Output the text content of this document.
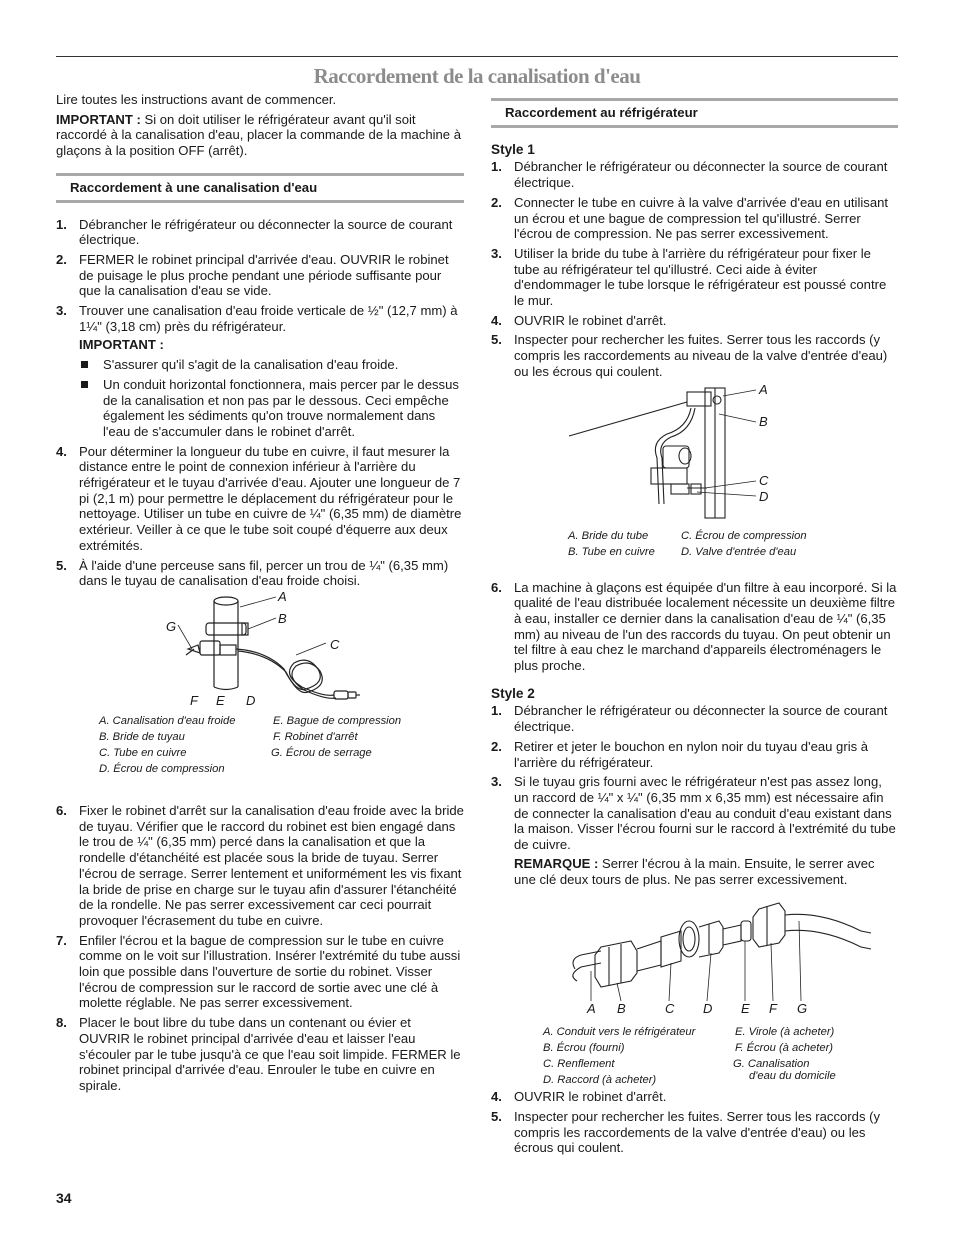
Raccordement de la canalisation d'eau

Lire toutes les instructions avant de commencer.

IMPORTANT : Si on doit utiliser le réfrigérateur avant qu'il soit raccordé à la canalisation d'eau, placer la commande de la machine à glaçons à la position OFF (arrêt).

Raccordement à une canalisation d'eau
1. Débrancher le réfrigérateur ou déconnecter la source de courant électrique.
2. FERMER le robinet principal d'arrivée d'eau. OUVRIR le robinet de puisage le plus proche pendant une période suffisante pour que la canalisation d'eau se vide.
3. Trouver une canalisation d'eau froide verticale de ½" (12,7 mm) à 1¼" (3,18 cm) près du réfrigérateur.
IMPORTANT :
S'assurer qu'il s'agit de la canalisation d'eau froide.
Un conduit horizontal fonctionnera, mais percer par le dessus de la canalisation et non pas par le dessous. Ceci empêche également les sédiments qu'on trouve normalement dans l'eau de s'accumuler dans le robinet d'arrêt.
4. Pour déterminer la longueur du tube en cuivre, il faut mesurer la distance entre le point de connexion inférieur à l'arrière du réfrigérateur et le tuyau d'arrivée d'eau. Ajouter une longueur de 7 pi (2,1 m) pour permettre le déplacement du réfrigérateur pour le nettoyage. Utiliser un tube en cuivre de ¼" (6,35 mm) de diamètre extérieur. Veiller à ce que le tube soit coupé d'équerre aux deux extrémités.
5. À l'aide d'une perceuse sans fil, percer un trou de ¼" (6,35 mm) dans le tuyau de canalisation d'eau froide choisi.
A
B
C
G
F E D
A. Canalisation d'eau froide
B. Bride de tuyau
C. Tube en cuivre
D. Écrou de compression
E. Bague de compression
F. Robinet d'arrêt
G. Écrou de serrage
6. Fixer le robinet d'arrêt sur la canalisation d'eau froide avec la bride de tuyau. Vérifier que le raccord du robinet est bien engagé dans le trou de ¼" (6,35 mm) percé dans la canalisation et que la rondelle d'étanchéité est placée sous la bride de tuyau. Serrer l'écrou de serrage. Serrer lentement et uniformément les vis fixant la bride de prise en charge sur le tuyau afin d'assurer l'étanchéité de la rondelle. Ne pas serrer excessivement car ceci pourrait provoquer l'écrasement du tube en cuivre.
7. Enfiler l'écrou et la bague de compression sur le tube en cuivre comme on le voit sur l'illustration. Insérer l'extrémité du tube aussi loin que possible dans l'ouverture de sortie du robinet. Visser l'écrou de compression sur le raccord de sortie avec une clé à molette réglable. Ne pas serrer excessivement.
8. Placer le bout libre du tube dans un contenant ou évier et OUVRIR le robinet principal d'arrivée d'eau et laisser l'eau s'écouler par le tube jusqu'à ce que l'eau soit limpide. FERMER le robinet principal d'arrivée d'eau. Enrouler le tube en cuivre en spirale.
Raccordement au réfrigérateur
Style 1
1. Débrancher le réfrigérateur ou déconnecter la source de courant électrique.
2. Connecter le tube en cuivre à la valve d'arrivée d'eau en utilisant un écrou et une bague de compression tel qu'illustré. Serrer l'écrou de compression. Ne pas serrer excessivement.
3. Utiliser la bride du tube à l'arrière du réfrigérateur pour fixer le tube au réfrigérateur tel qu'illustré. Ceci aide à éviter d'endommager le tube lorsque le réfrigérateur est poussé contre le mur.
4. OUVRIR le robinet d'arrêt.
5. Inspecter pour rechercher les fuites. Serrer tous les raccords (y compris les raccordements au niveau de la valve d'entrée d'eau) ou les écrous qui coulent.
A
B
C
D
A. Bride du tube
B. Tube en cuivre
C. Écrou de compression
D. Valve d'entrée d'eau
6. La machine à glaçons est équipée d'un filtre à eau incorporé. Si la qualité de l'eau distribuée localement nécessite un deuxième filtre à eau, installer ce dernier dans la canalisation d'eau de ¼" (6,35 mm) au niveau de l'un des raccords du tuyau. On peut obtenir un tel filtre à eau chez le marchand d'appareils électroménagers le plus proche.
Style 2
1. Débrancher le réfrigérateur ou déconnecter la source de courant électrique.
2. Retirer et jeter le bouchon en nylon noir du tuyau d'eau gris à l'arrière du réfrigérateur.
3. Si le tuyau gris fourni avec le réfrigérateur n'est pas assez long, un raccord de ¼" x ¼" (6,35 mm x 6,35 mm) est nécessaire afin de connecter la canalisation d'eau au conduit d'eau existant dans la maison. Visser l'écrou fourni sur le raccord à l'extrémité du tube de cuivre.

REMARQUE : Serrer l'écrou à la main. Ensuite, le serrer avec une clé deux tours de plus. Ne pas serrer excessivement.

A B	C D E F G
A. Conduit vers le réfrigérateur
B. Écrou (fourni)
C. Renflement
D. Raccord (à acheter)
E. Virole (à acheter)
F. Écrou (à acheter)
G. Canalisation
d'eau du domicile
4. OUVRIR le robinet d'arrêt.
5. Inspecter pour rechercher les fuites. Serrer tous les raccords (y compris les raccordements de la valve d'entrée d'eau) ou les écrous qui coulent.
34
